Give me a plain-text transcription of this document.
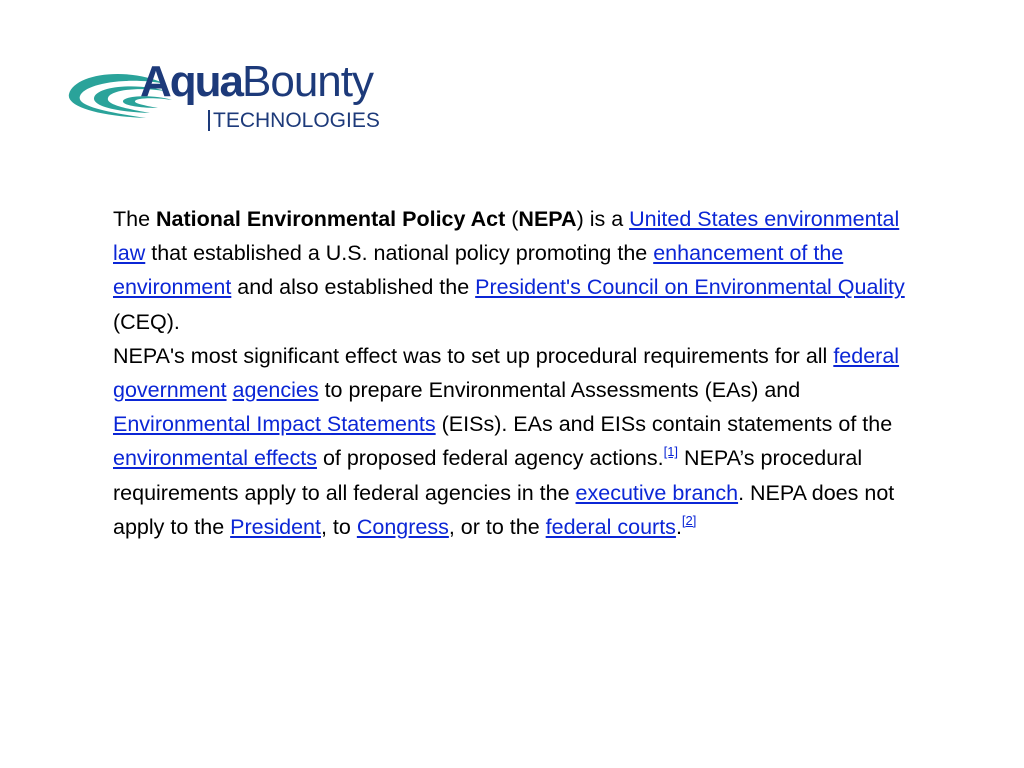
AquaBounty
TECHNOLOGIES

The National Environmental Policy Act (NEPA) is a United States environmental law that established a U.S. national policy promoting the enhancement of the environment and also established the President's Council on Environmental Quality (CEQ).

NEPA's most significant effect was to set up procedural requirements for all federal government agencies to prepare Environmental Assessments (EAs) and Environmental Impact Statements (EISs). EAs and EISs contain statements of the environmental effects of proposed federal agency actions.[1] NEPA’s procedural requirements apply to all federal agencies in the executive branch. NEPA does not apply to the President, to Congress, or to the federal courts.[2]
